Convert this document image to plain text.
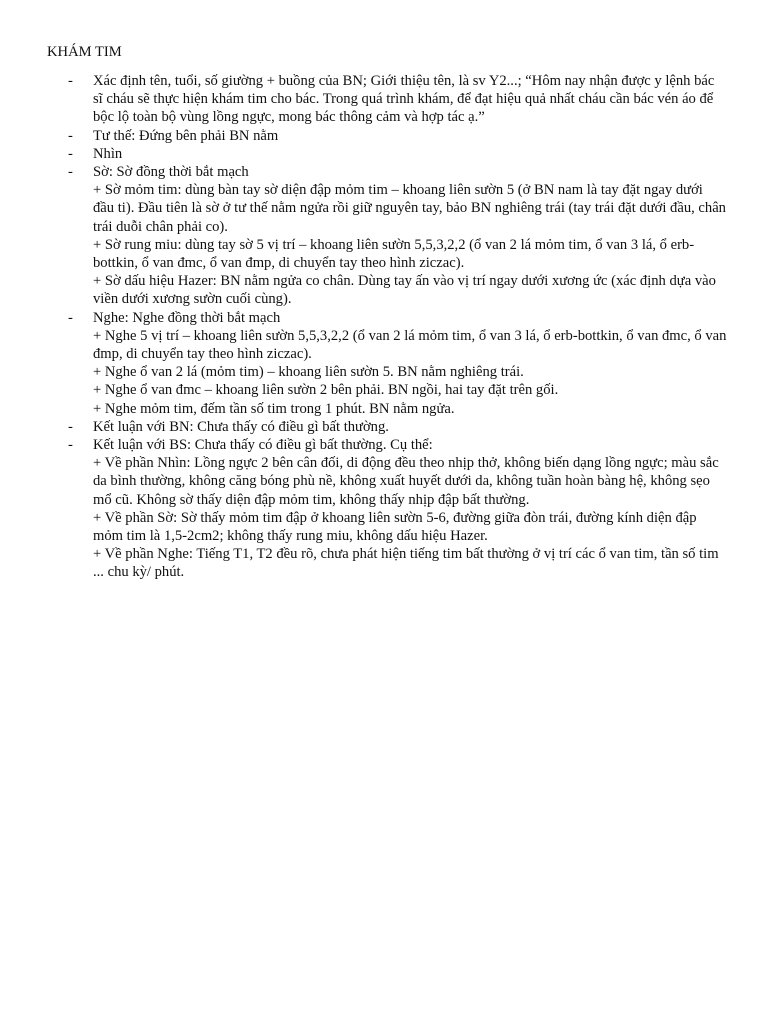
KHÁM TIM
- Xác định tên, tuổi, số giường + buồng của BN; Giới thiệu tên, là sv Y2...; “Hôm nay nhận được y lệnh bác sĩ cháu sẽ thực hiện khám tim cho bác. Trong quá trình khám, để đạt hiệu quả nhất cháu cần bác vén áo để bộc lộ toàn bộ vùng lồng ngực, mong bác thông cảm và hợp tác ạ.”
- Tư thế: Đứng bên phải BN nằm
- Nhìn
- Sờ: Sờ đồng thời bắt mạch
+ Sờ mỏm tim: dùng bàn tay sờ diện đập mỏm tim – khoang liên sườn 5 (ở BN nam là tay đặt ngay dưới đầu ti). Đầu tiên là sờ ở tư thế nằm ngửa rồi giữ nguyên tay, bảo BN nghiêng trái (tay trái đặt dưới đầu, chân trái duỗi chân phải co).
+ Sờ rung miu: dùng tay sờ 5 vị trí – khoang liên sườn 5,5,3,2,2 (ổ van 2 lá mỏm tim, ổ van 3 lá, ổ erb-bottkin, ổ van đmc, ổ van đmp, di chuyển tay theo hình ziczac).
+ Sờ dấu hiệu Hazer: BN nằm ngửa co chân. Dùng tay ấn vào vị trí ngay dưới xương ức (xác định dựa vào viền dưới xương sườn cuối cùng).
- Nghe: Nghe đồng thời bắt mạch
+ Nghe 5 vị trí – khoang liên sườn 5,5,3,2,2 (ổ van 2 lá mỏm tim, ổ van 3 lá, ổ erb-bottkin, ổ van đmc, ổ van đmp, di chuyển tay theo hình ziczac).
+ Nghe ổ van 2 lá (mỏm tim) – khoang liên sườn 5. BN nằm nghiêng trái.
+ Nghe ổ van đmc – khoang liên sườn 2 bên phải. BN ngồi, hai tay đặt trên gối.
+ Nghe mỏm tim, đếm tần số tim trong 1 phút. BN nằm ngửa.
- Kết luận với BN: Chưa thấy có điều gì bất thường.
- Kết luận với BS: Chưa thấy có điều gì bất thường. Cụ thể:
+ Về phần Nhìn: Lồng ngực 2 bên cân đối, di động đều theo nhịp thở, không biến dạng lồng ngực; màu sắc da bình thường, không căng bóng phù nề, không xuất huyết dưới da, không tuần hoàn bàng hệ, không sẹo mổ cũ. Không sờ thấy diện đập mỏm tim, không thấy nhịp đập bất thường.
+ Về phần Sờ: Sờ thấy mỏm tim đập ở khoang liên sườn 5-6, đường giữa đòn trái, đường kính diện đập mỏm tim là 1,5-2cm2; không thấy rung miu, không dấu hiệu Hazer.
+ Về phần Nghe: Tiếng T1, T2 đều rõ, chưa phát hiện tiếng tim bất thường ở vị trí các ổ van tim, tần số tim ... chu kỳ/ phút.
